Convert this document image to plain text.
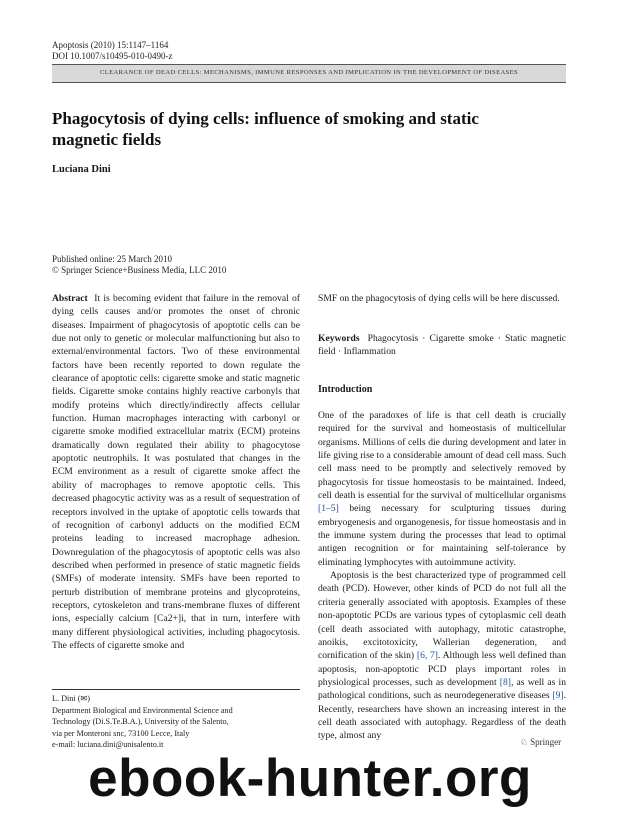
Apoptosis (2010) 15:1147–1164
DOI 10.1007/s10495-010-0490-z
CLEARANCE OF DEAD CELLS: MECHANISMS, IMMUNE RESPONSES AND IMPLICATION IN THE DEVELOPMENT OF DISEASES
Phagocytosis of dying cells: influence of smoking and static magnetic fields
Luciana Dini
Published online: 25 March 2010
© Springer Science+Business Media, LLC 2010

Abstract It is becoming evident that failure in the removal of dying cells causes and/or promotes the onset of chronic diseases. Impairment of phagocytosis of apoptotic cells can be due not only to genetic or molecular malfunctioning but also to external/environmental factors. Two of these environmental factors have been recently reported to down regulate the clearance of apoptotic cells: cigarette smoke and static magnetic fields. Cigarette smoke contains highly reactive carbonyls that modify proteins which directly/indirectly affects cellular function. Human macrophages interacting with carbonyl or cigarette smoke modified extracellular matrix (ECM) proteins dramatically down regulated their ability to phagocytose apoptotic neutrophils. It was postulated that changes in the ECM environment as a result of cigarette smoke affect the ability of macrophages to remove apoptotic cells. This decreased phagocytic activity was as a result of sequestration of receptors involved in the uptake of apoptotic cells towards that of recognition of carbonyl adducts on the modified ECM proteins leading to increased macrophage adhesion. Downregulation of the phagocytosis of apoptotic cells was also described when performed in presence of static magnetic fields (SMFs) of moderate intensity. SMFs have been reported to perturb distribution of membrane proteins and glycoproteins, receptors, cytoskeleton and trans-membrane fluxes of different ions, especially calcium [Ca2+]i, that in turn, interfere with many different physiological activities, including phagocytosis. The effects of cigarette smoke and

SMF on the phagocytosis of dying cells will be here discussed.

Keywords Phagocytosis · Cigarette smoke · Static magnetic field · Inflammation

Introduction

One of the paradoxes of life is that cell death is crucially required for the survival and homeostasis of multicellular organisms. Millions of cells die during development and later in life giving rise to a considerable amount of dead cell mass. Such cell mass need to be promptly and selectively removed by phagocytosis for tissue homeostasis to be maintained. Indeed, cell death is essential for the survival of multicellular organisms [1–5] being necessary for sculpturing tissues during embryogenesis and organogenesis, for tissue homeostasis and in the immune system during the processes that lead to optimal antigen recognition or for maintaining self-tolerance by eliminating lymphocytes with autoimmune activity.

Apoptosis is the best characterized type of programmed cell death (PCD). However, other kinds of PCD do not full all the criteria generally associated with apoptosis. Examples of these non-apoptotic PCDs are various types of cytoplasmic cell death (cell death associated with autophagy, mitotic catastrophe, anoikis, excitotoxicity, Wallerian degeneration, and cornification of the skin) [6, 7]. Although less well defined than apoptosis, non-apoptotic PCD plays important roles in physiological processes, such as development [8], as well as in pathological conditions, such as neurodegenerative diseases [9]. Recently, researchers have shown an increasing interest in the cell death associated with autophagy. Regardless of the death type, almost any

L. Dini (✉)
Department Biological and Environmental Science and
Technology (Di.S.Te.B.A.), University of the Salento,
via per Monteroni snc, 73100 Lecce, Italy
e-mail: luciana.dini@unisalento.it	♘ Springer
ebook-hunter.org
